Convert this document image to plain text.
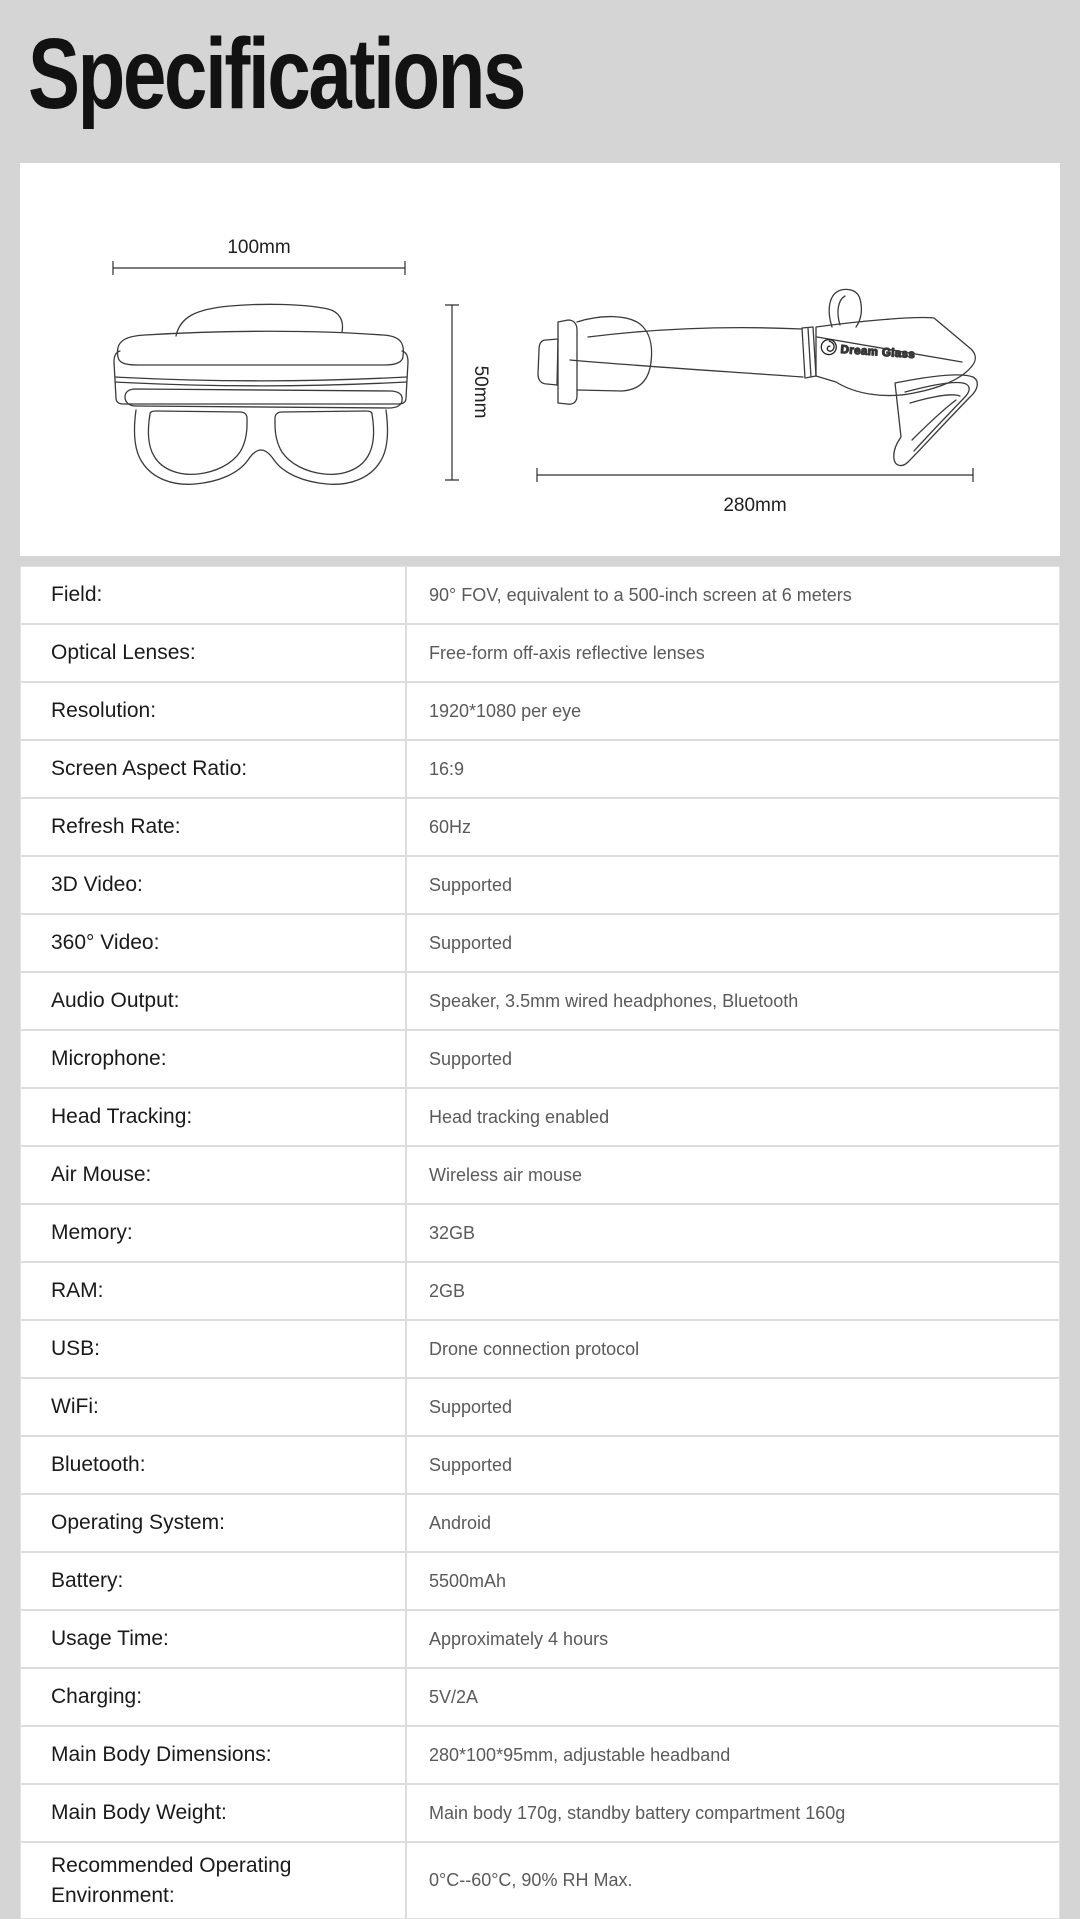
Specifications
Dream Glass
100mm
50mm
280mm
Field:	90° FOV, equivalent to a 500-inch screen at 6 meters
Optical Lenses:	Free-form off-axis reflective lenses
Resolution:	1920*1080 per eye
Screen Aspect Ratio:	16:9
Refresh Rate:	60Hz
3D Video:	Supported
360° Video:	Supported
Audio Output:	Speaker, 3.5mm wired headphones, Bluetooth
Microphone:	Supported
Head Tracking:	Head tracking enabled
Air Mouse:	Wireless air mouse
Memory:	32GB
RAM:	2GB
USB:	Drone connection protocol
WiFi:	Supported
Bluetooth:	Supported
Operating System:	Android
Battery:	5500mAh
Usage Time:	Approximately 4 hours
Charging:	5V/2A
Main Body Dimensions:	280*100*95mm, adjustable headband
Main Body Weight:	Main body 170g, standby battery compartment 160g
Recommended Operating Environment:
0°C--60°C, 90% RH Max.
